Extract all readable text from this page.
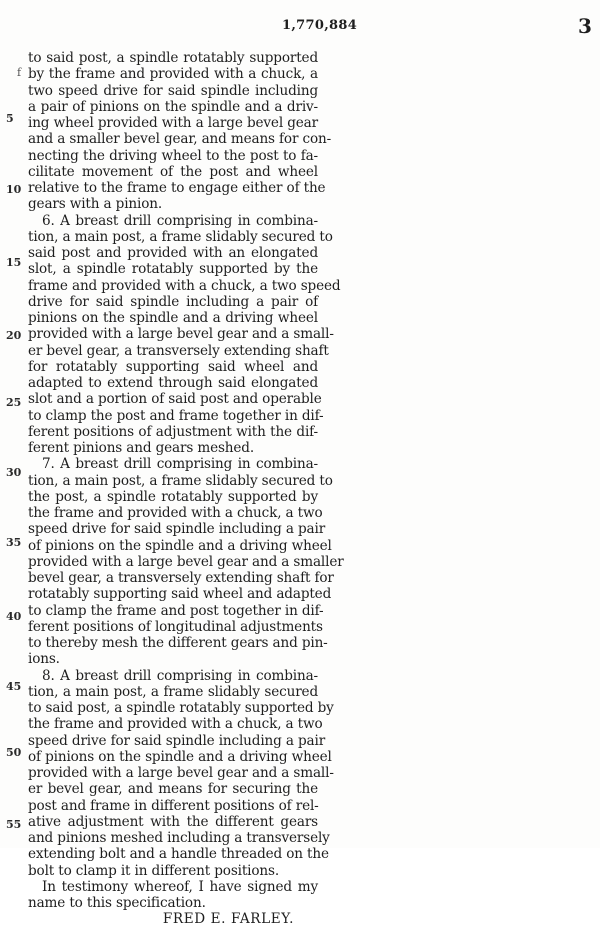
1,770,884	3
f
to said post, a spindle rotatably supported
by the frame and provided with a chuck, a
two speed drive for said spindle including
a pair of pinions on the spindle and a driv-
ing wheel provided with a large bevel gear
and a smaller bevel gear, and means for con-
necting the driving wheel to the post to fa-
cilitate movement of the post and wheel
relative to the frame to engage either of the
gears with a pinion.
6. A breast drill comprising in combina-
tion, a main post, a frame slidably secured to
said post and provided with an elongated
slot, a spindle rotatably supported by the
frame and provided with a chuck, a two speed
drive for said spindle including a pair of
pinions on the spindle and a driving wheel
provided with a large bevel gear and a small-
er bevel gear, a transversely extending shaft
for rotatably supporting said wheel and
adapted to extend through said elongated
slot and a portion of said post and operable
to clamp the post and frame together in dif-
ferent positions of adjustment with the dif-
ferent pinions and gears meshed.
7. A breast drill comprising in combina-
tion, a main post, a frame slidably secured to
the post, a spindle rotatably supported by
the frame and provided with a chuck, a two
speed drive for said spindle including a pair
of pinions on the spindle and a driving wheel
provided with a large bevel gear and a smaller
bevel gear, a transversely extending shaft for
rotatably supporting said wheel and adapted
to clamp the frame and post together in dif-
ferent positions of longitudinal adjustments
to thereby mesh the different gears and pin-
ions.
8. A breast drill comprising in combina-
tion, a main post, a frame slidably secured
to said post, a spindle rotatably supported by
the frame and provided with a chuck, a two
speed drive for said spindle including a pair
of pinions on the spindle and a driving wheel
provided with a large bevel gear and a small-
er bevel gear, and means for securing the
post and frame in different positions of rel-
ative adjustment with the different gears
and pinions meshed including a transversely
extending bolt and a handle threaded on the
bolt to clamp it in different positions.
In testimony whereof, I have signed my
name to this specification.
FRED E. FARLEY.
5
10
15
20
25
30
35
40
45
50
55
